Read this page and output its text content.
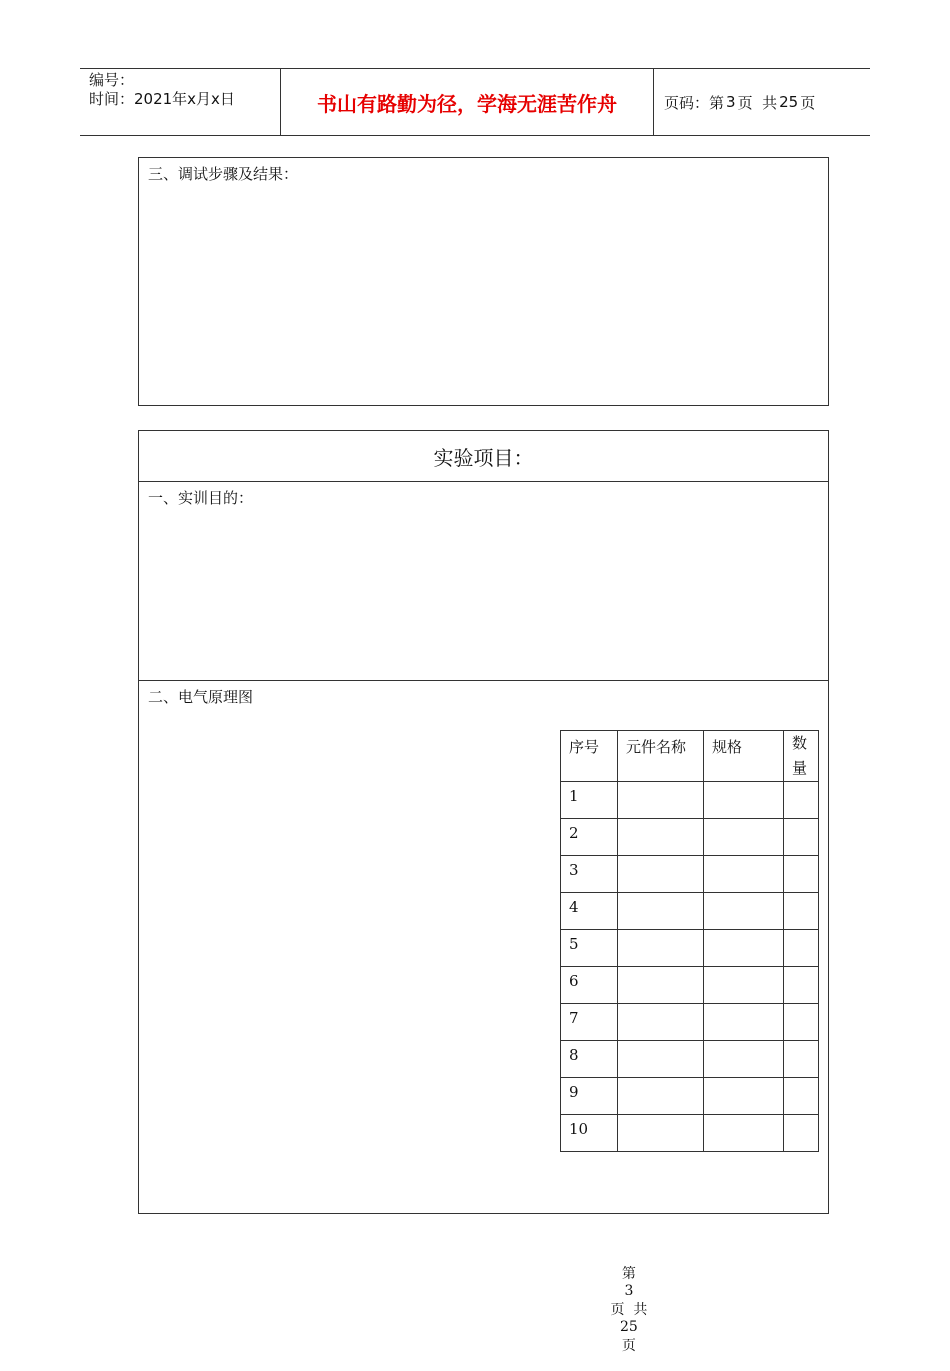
编号：
时间：2021年x月x日	书山有路勤为径，学海无涯苦作舟	页码：第 3 页  共 25 页
三、调试步骤及结果：
实验项目：
一、实训目的：
二、电气原理图
序号	元件名称	规格	数
量

1			
2			
3			
4			
5			
6			
7			
8			
9			
10			

第
3
页  共
25
页
